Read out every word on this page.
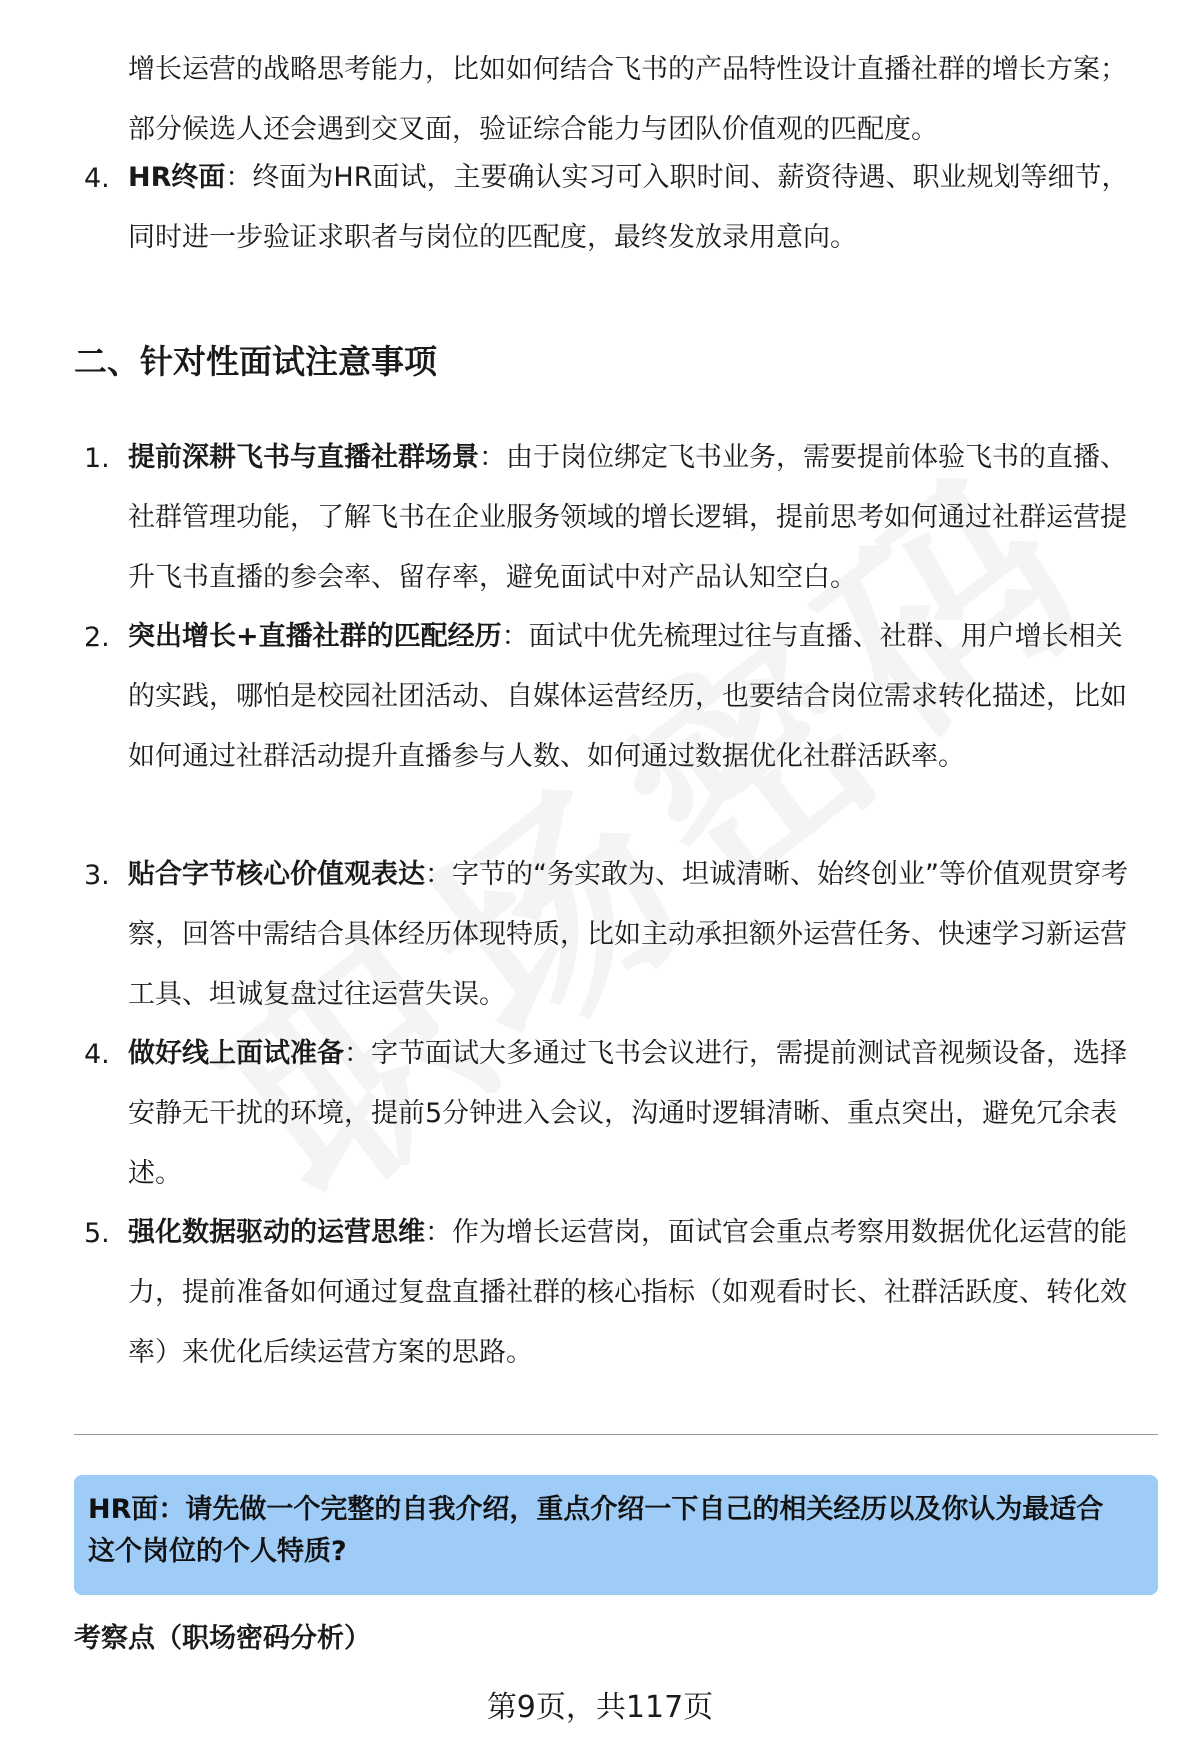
增长运营的战略思考能力，比如如何结合飞书的产品特性设计直播社群的增长方案；部分候选人还会遇到交叉面，验证综合能力与团队价值观的匹配度。
4. HR终面：终面为HR面试，主要确认实习可入职时间、薪资待遇、职业规划等细节，同时进一步验证求职者与岗位的匹配度，最终发放录用意向。
二、针对性面试注意事项
1. 提前深耕飞书与直播社群场景：由于岗位绑定飞书业务，需要提前体验飞书的直播、社群管理功能，了解飞书在企业服务领域的增长逻辑，提前思考如何通过社群运营提升飞书直播的参会率、留存率，避免面试中对产品认知空白。
2. 突出增长+直播社群的匹配经历：面试中优先梳理过往与直播、社群、用户增长相关的实践，哪怕是校园社团活动、自媒体运营经历，也要结合岗位需求转化描述，比如如何通过社群活动提升直播参与人数、如何通过数据优化社群活跃率。
3. 贴合字节核心价值观表达：字节的“务实敢为、坦诚清晰、始终创业”等价值观贯穿考察，回答中需结合具体经历体现特质，比如主动承担额外运营任务、快速学习新运营工具、坦诚复盘过往运营失误。
4. 做好线上面试准备：字节面试大多通过飞书会议进行，需提前测试音视频设备，选择安静无干扰的环境，提前5分钟进入会议，沟通时逻辑清晰、重点突出，避免冗余表述。
5. 强化数据驱动的运营思维：作为增长运营岗，面试官会重点考察用数据优化运营的能力，提前准备如何通过复盘直播社群的核心指标（如观看时长、社群活跃度、转化效率）来优化后续运营方案的思路。
HR面：请先做一个完整的自我介绍，重点介绍一下自己的相关经历以及你认为最适合这个岗位的个人特质?
考察点（职场密码分析）
第9页，共117页
